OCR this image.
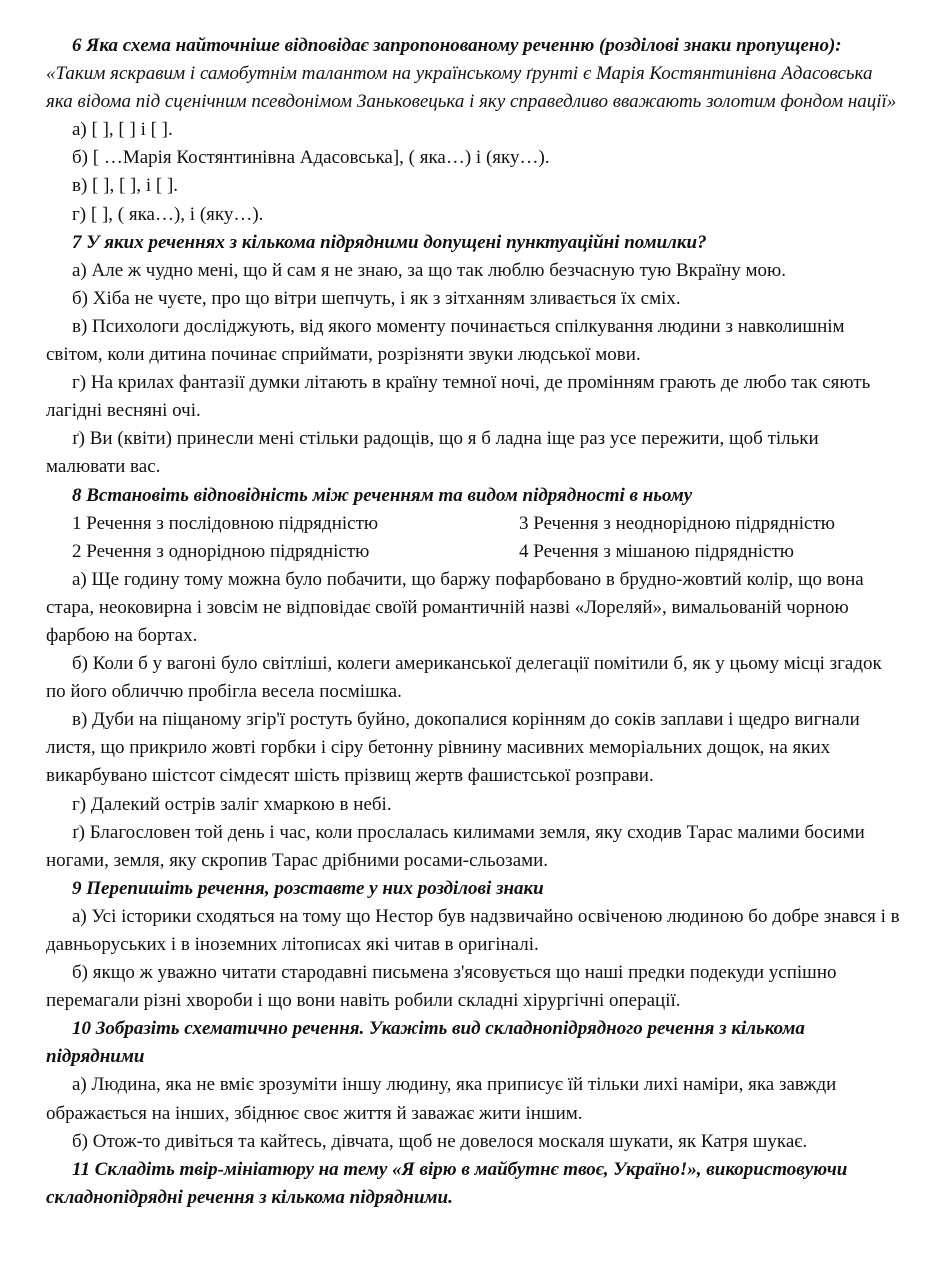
6 Яка схема найточніше відповідає запропонованому реченню (розділові знаки пропущено): «Таким яскравим і самобутнім талантом на українському ґрунті є Марія Костянтинівна Адасовська яка відома під сценічним псевдонімом Заньковецька і яку справедливо вважають золотим фондом нації»

а) [ ], [ ] і [ ].

б) [ …Марія Костянтинівна Адасовська], ( яка…) і (яку…).

в) [ ], [ ], і [ ].

г) [ ], ( яка…), і (яку…).

7 У яких реченнях з кількома підрядними допущені пунктуаційні помилки?

а) Але ж чудно мені, що й сам я не знаю, за що так люблю безчасную тую Вкраїну мою.

б) Хіба не чуєте, про що вітри шепчуть, і як з зітханням зливається їх сміх.

в) Психологи досліджують, від якого моменту починається спілкування людини з навколишнім світом, коли дитина починає сприймати, розрізняти звуки людської мови.

г) На крилах фантазії думки літають в країну темної ночі, де промінням грають де любо так сяють лагідні весняні очі.

ґ) Ви (квіти) принесли мені стільки радощів, що я б ладна іще раз усе пережити, щоб тільки малювати вас.

8 Встановіть відповідність між реченням та видом підрядності в ньому

1 Речення з послідовною підрядністю	3 Речення з неоднорідною підрядністю
2 Речення з однорідною підрядністю	4 Речення з мішаною підрядністю

а) Ще годину тому можна було побачити, що баржу пофарбовано в брудно-жовтий колір, що вона стара, неоковирна і зовсім не відповідає своїй романтичній назві «Лореляй», вимальованій чорною фарбою на бортах.

б) Коли б у вагоні було світліші, колеги американської делегації помітили б, як у цьому місці згадок по його обличчю пробігла весела посмішка.

в) Дуби на піщаному згір'ї ростуть буйно, докопалися корінням до соків заплави і щедро вигнали листя, що прикрило жовті горбки і сіру бетонну рівнину масивних меморіальних дощок, на яких викарбувано шістсот сімдесят шість прізвищ жертв фашистської розправи.

г) Далекий острів заліг хмаркою в небі.

ґ) Благословен той день і час, коли прослалась килимами земля, яку сходив Тарас малими босими ногами, земля, яку скропив Тарас дрібними росами-сльозами.

9 Перепишіть речення, розставте у них розділові знаки

а) Усі історики сходяться на тому що Нестор був надзвичайно освіченою людиною бо добре знався і в давньоруських і в іноземних літописах які читав в оригіналі.

б) якщо ж уважно читати стародавні письмена з'ясовується що наші предки подекуди успішно перемагали різні хвороби і що вони навіть робили складні хірургічні операції.

10 Зобразіть схематично речення. Укажіть вид складнопідрядного речення з кількома підрядними

а) Людина, яка не вміє зрозуміти іншу людину, яка приписує їй тільки лихі наміри, яка завжди ображається на інших, збіднює своє життя й заважає жити іншим.

б) Отож-то дивіться та кайтесь, дівчата, щоб не довелося москаля шукати, як Катря шукає.

11 Складіть твір-мініатюру на тему «Я вірю в майбутнє твоє, Україно!», використовуючи складнопідрядні речення з кількома підрядними.
